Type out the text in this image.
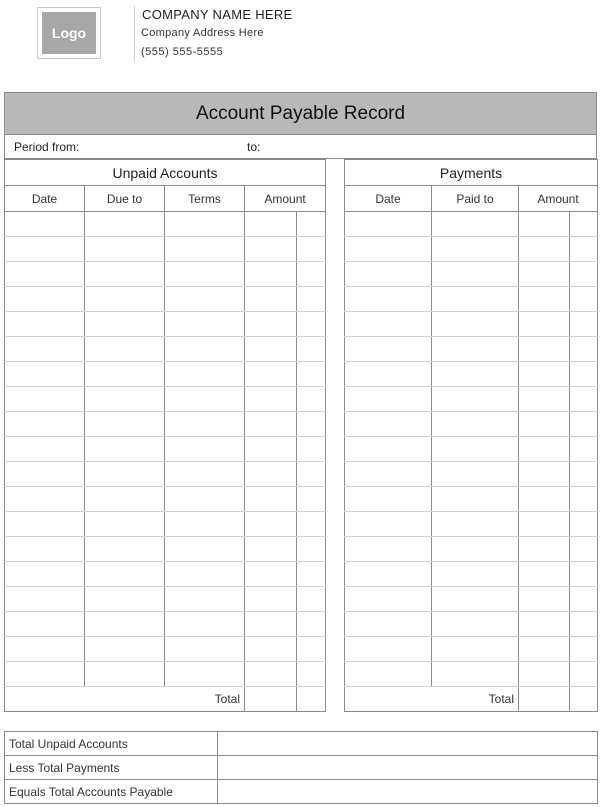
Logo
COMPANY NAME HERE
Company Address Here
(555) 555-5555
Account Payable Record
Period from:	to:
Unpaid Accounts				
Date	Due to	Terms	Amount	

Total				
Payments			
Date	Paid to	Amount	

Total			
Total Unpaid Accounts	
Less Total Payments	
Equals Total Accounts Payable	
